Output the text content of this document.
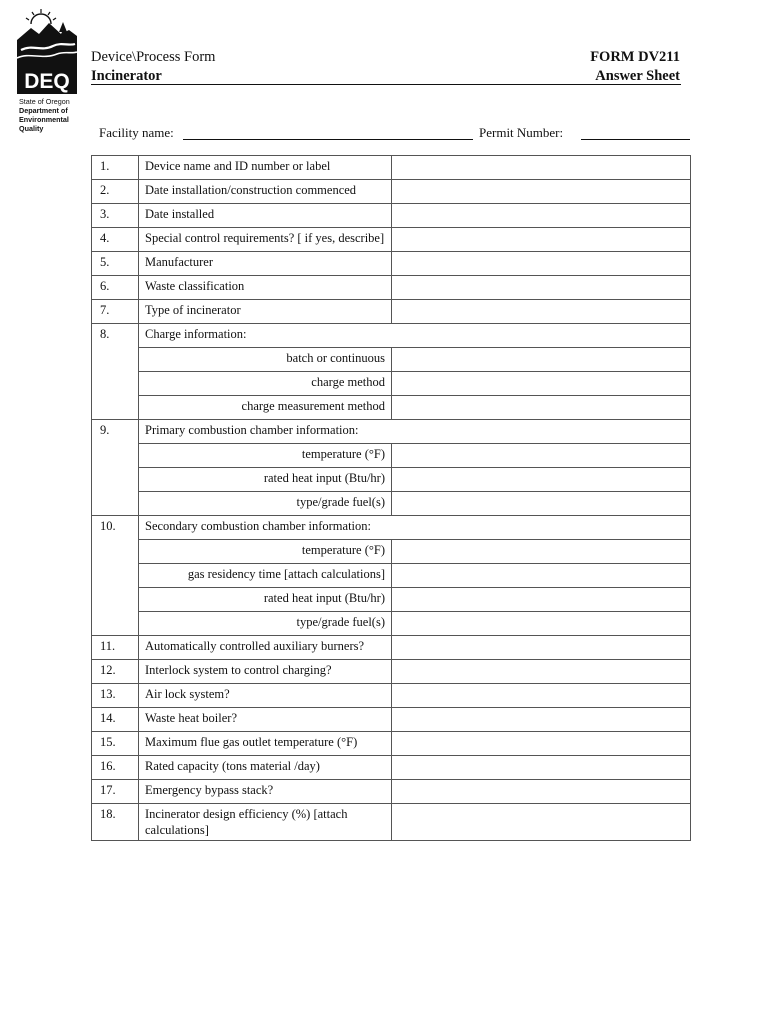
DEQ
State of Oregon
Department of
Environmental
Quality
Device\Process Form
Incinerator
FORM DV211
Answer Sheet
Facility name:	Permit Number:
1.	Device name and ID number or label	
2.	Date installation/construction commenced	
3.	Date installed	
4.	Special control requirements? [ if yes, describe]	
5.	Manufacturer	
6.	Waste classification	
7.	Type of incinerator	
8.	Charge information:	
	batch or continuous	
	charge method	
	charge measurement method	
9.	Primary combustion chamber information:	
	temperature (°F)	
	rated heat input (Btu/hr)	
	type/grade fuel(s)	
10.	Secondary combustion chamber information:	
	temperature (°F)	
	gas residency time [attach calculations]	
	rated heat input (Btu/hr)	
	type/grade fuel(s)	
11.	Automatically controlled auxiliary burners?	
12.	Interlock system to control charging?	
13.	Air lock system?	
14.	Waste heat boiler?	
15.	Maximum flue gas outlet temperature (°F)	
16.	Rated capacity (tons material /day)	
17.	Emergency bypass stack?	
18.	Incinerator design efficiency (%) [attach calculations]	
